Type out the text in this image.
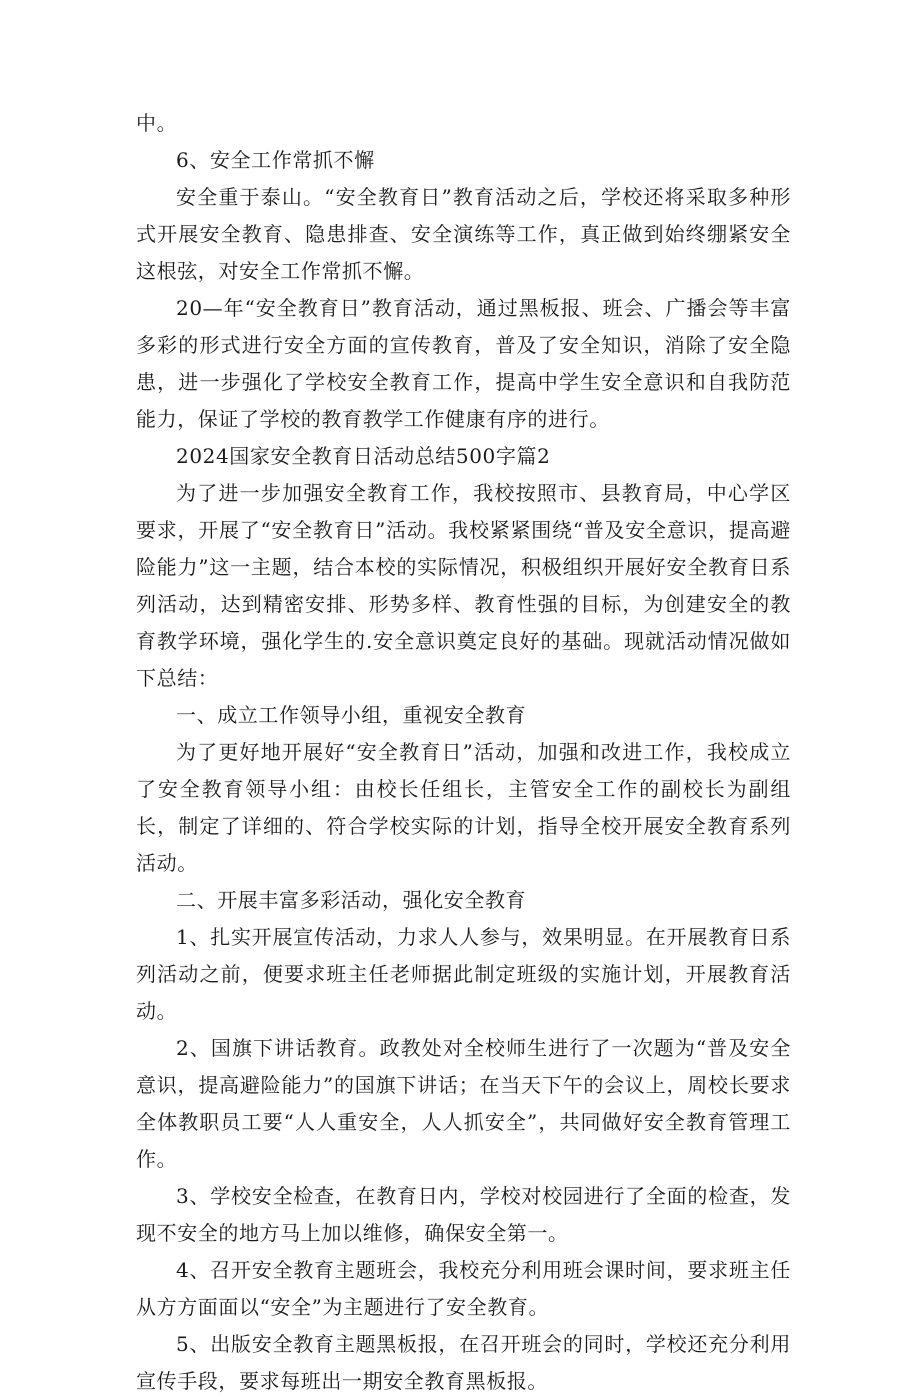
中。

6、安全工作常抓不懈

安全重于泰山。“安全教育日”教育活动之后，学校还将采取多种形式开展安全教育、隐患排查、安全演练等工作，真正做到始终绷紧安全这根弦，对安全工作常抓不懈。

20—年“安全教育日”教育活动，通过黑板报、班会、广播会等丰富多彩的形式进行安全方面的宣传教育，普及了安全知识，消除了安全隐患，进一步强化了学校安全教育工作，提高中学生安全意识和自我防范能力，保证了学校的教育教学工作健康有序的进行。

2024国家安全教育日活动总结500字篇2

为了进一步加强安全教育工作，我校按照市、县教育局，中心学区要求，开展了“安全教育日”活动。我校紧紧围绕“普及安全意识，提高避险能力”这一主题，结合本校的实际情况，积极组织开展好安全教育日系列活动，达到精密安排、形势多样、教育性强的目标，为创建安全的教育教学环境，强化学生的.安全意识奠定良好的基础。现就活动情况做如下总结：

一、成立工作领导小组，重视安全教育

为了更好地开展好“安全教育日”活动，加强和改进工作，我校成立了安全教育领导小组：由校长任组长，主管安全工作的副校长为副组长，制定了详细的、符合学校实际的计划，指导全校开展安全教育系列活动。

二、开展丰富多彩活动，强化安全教育

1、扎实开展宣传活动，力求人人参与，效果明显。在开展教育日系列活动之前，便要求班主任老师据此制定班级的实施计划，开展教育活动。

2、国旗下讲话教育。政教处对全校师生进行了一次题为“普及安全意识，提高避险能力”的国旗下讲话；在当天下午的会议上，周校长要求全体教职员工要“人人重安全，人人抓安全”，共同做好安全教育管理工作。

3、学校安全检查，在教育日内，学校对校园进行了全面的检查，发现不安全的地方马上加以维修，确保安全第一。

4、召开安全教育主题班会，我校充分利用班会课时间，要求班主任从方方面面以“安全”为主题进行了安全教育。

5、出版安全教育主题黑板报，在召开班会的同时，学校还充分利用宣传手段，要求每班出一期安全教育黑板报。
